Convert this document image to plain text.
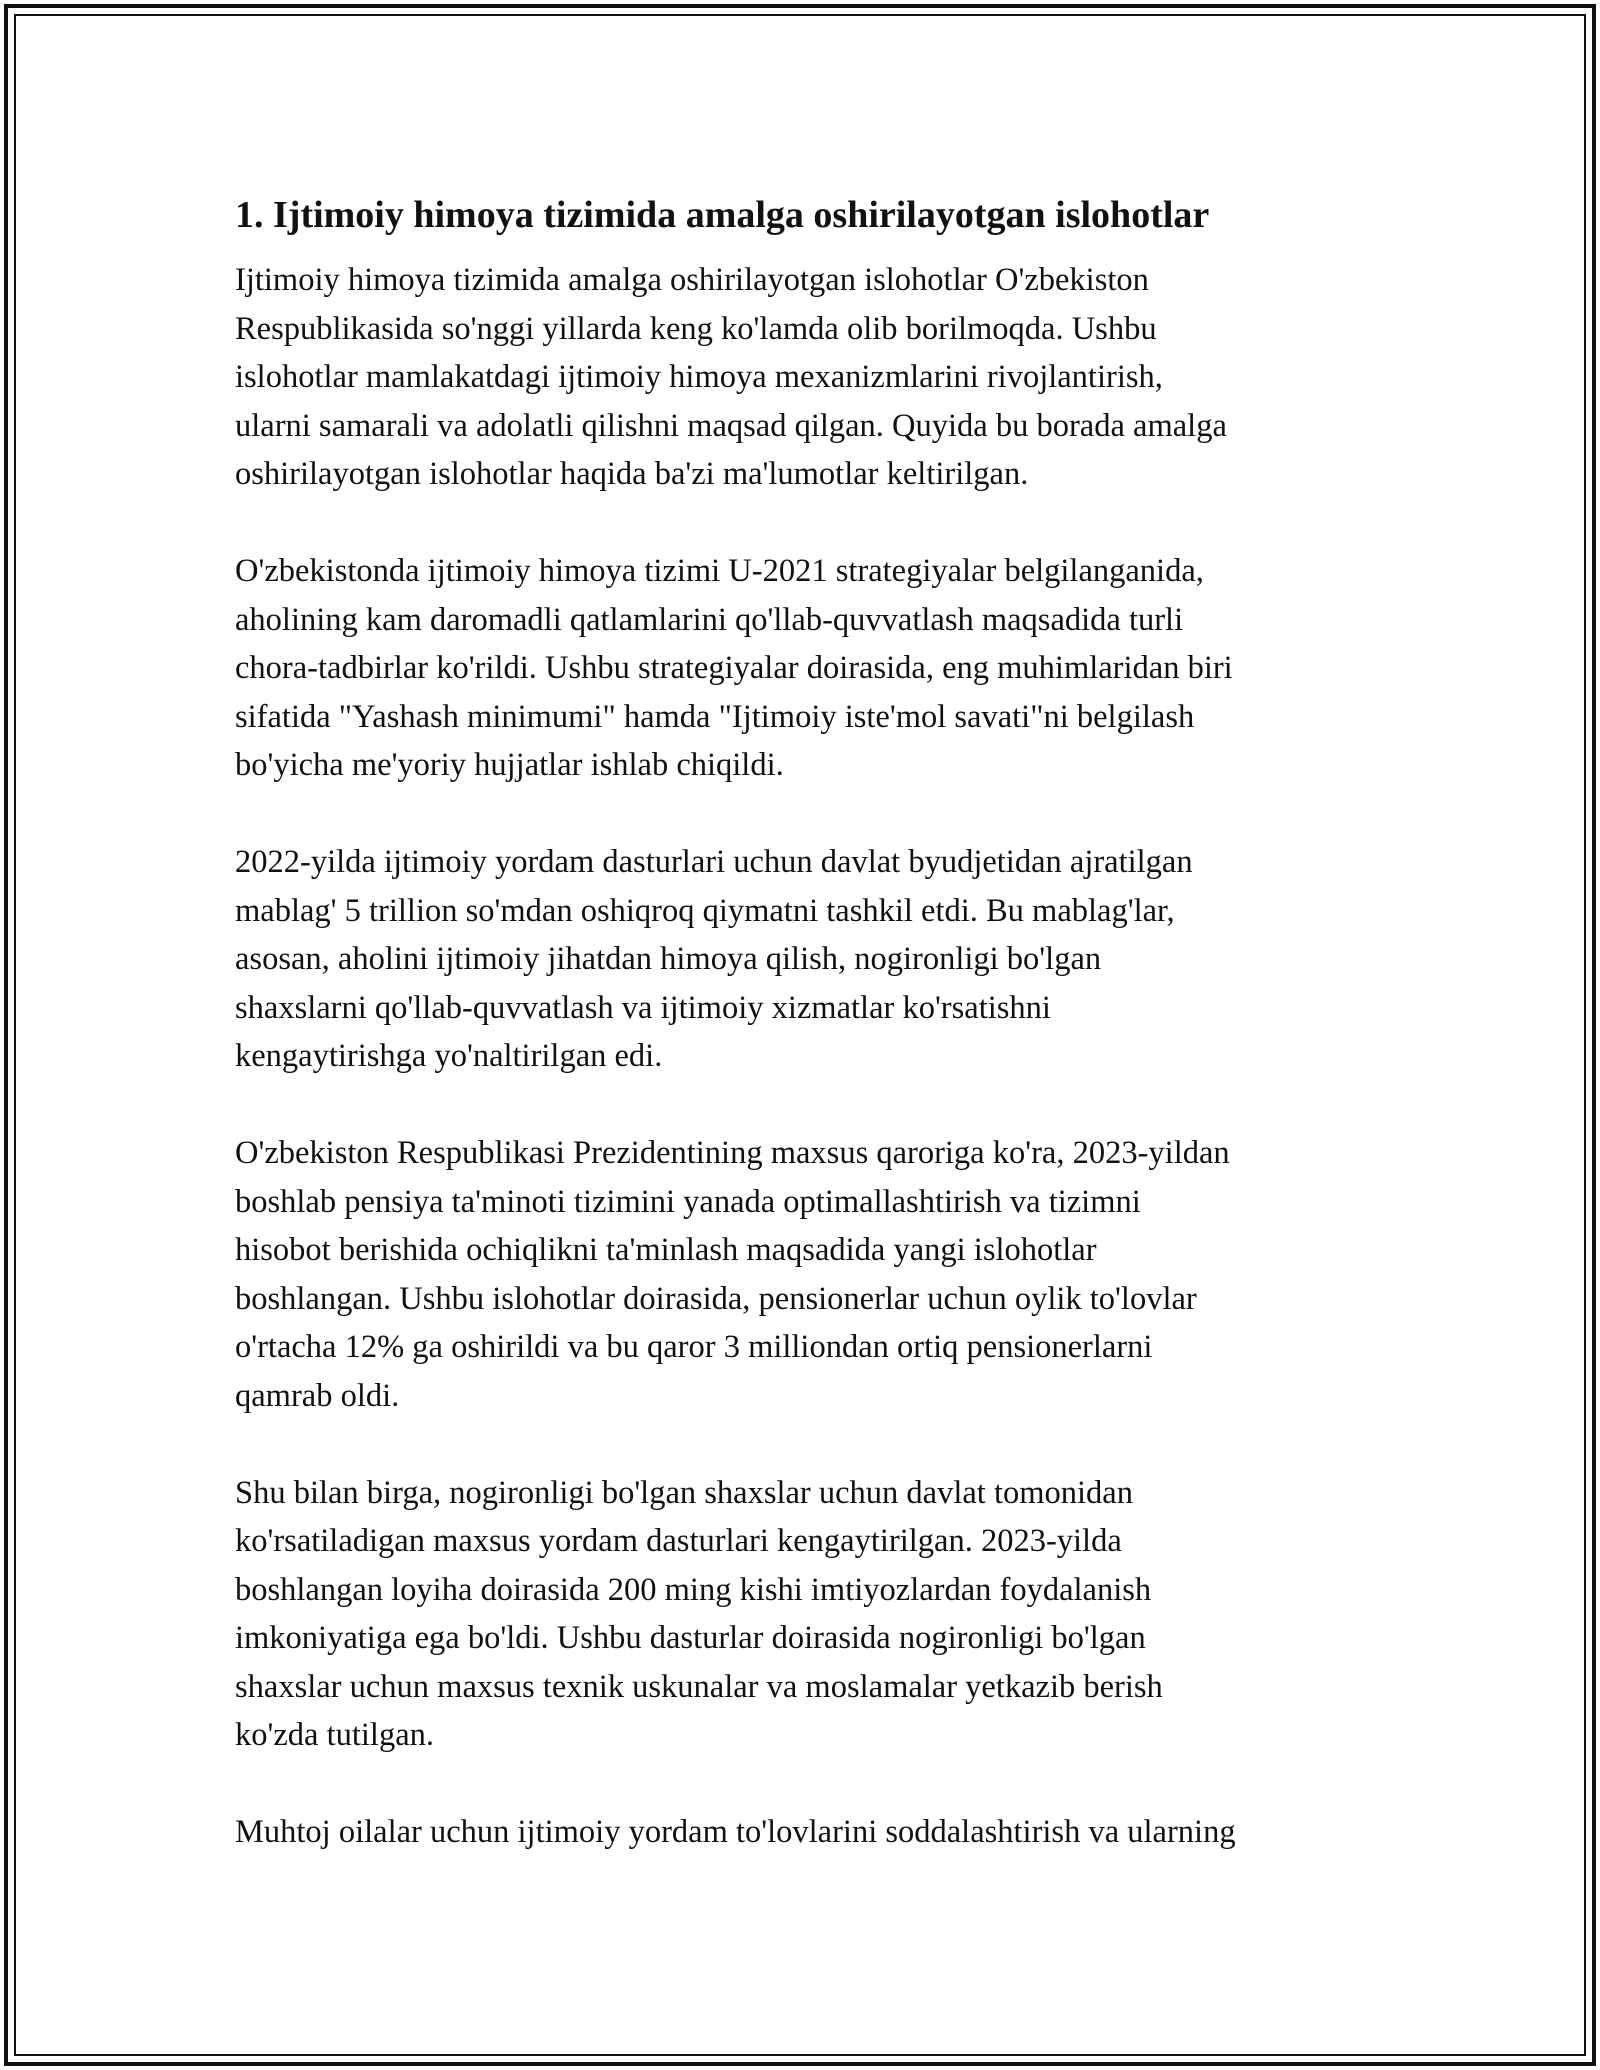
1. Ijtimoiy himoya tizimida amalga oshirilayotgan islohotlar

Ijtimoiy himoya tizimida amalga oshirilayotgan islohotlar O'zbekiston
Respublikasida so'nggi yillarda keng ko'lamda olib borilmoqda. Ushbu
islohotlar mamlakatdagi ijtimoiy himoya mexanizmlarini rivojlantirish,
ularni samarali va adolatli qilishni maqsad qilgan. Quyida bu borada amalga
oshirilayotgan islohotlar haqida ba'zi ma'lumotlar keltirilgan.

O'zbekistonda ijtimoiy himoya tizimi U-2021 strategiyalar belgilanganida,
aholining kam daromadli qatlamlarini qo'llab-quvvatlash maqsadida turli
chora-tadbirlar ko'rildi. Ushbu strategiyalar doirasida, eng muhimlaridan biri
sifatida "Yashash minimumi" hamda "Ijtimoiy iste'mol savati"ni belgilash
bo'yicha me'yoriy hujjatlar ishlab chiqildi.

2022-yilda ijtimoiy yordam dasturlari uchun davlat byudjetidan ajratilgan
mablag' 5 trillion so'mdan oshiqroq qiymatni tashkil etdi. Bu mablag'lar,
asosan, aholini ijtimoiy jihatdan himoya qilish, nogironligi bo'lgan
shaxslarni qo'llab-quvvatlash va ijtimoiy xizmatlar ko'rsatishni
kengaytirishga yo'naltirilgan edi.

O'zbekiston Respublikasi Prezidentining maxsus qaroriga ko'ra, 2023-yildan
boshlab pensiya ta'minoti tizimini yanada optimallashtirish va tizimni
hisobot berishida ochiqlikni ta'minlash maqsadida yangi islohotlar
boshlangan. Ushbu islohotlar doirasida, pensionerlar uchun oylik to'lovlar
o'rtacha 12% ga oshirildi va bu qaror 3 milliondan ortiq pensionerlarni
qamrab oldi.

Shu bilan birga, nogironligi bo'lgan shaxslar uchun davlat tomonidan
ko'rsatiladigan maxsus yordam dasturlari kengaytirilgan. 2023-yilda
boshlangan loyiha doirasida 200 ming kishi imtiyozlardan foydalanish
imkoniyatiga ega bo'ldi. Ushbu dasturlar doirasida nogironligi bo'lgan
shaxslar uchun maxsus texnik uskunalar va moslamalar yetkazib berish
ko'zda tutilgan.

Muhtoj oilalar uchun ijtimoiy yordam to'lovlarini soddalashtirish va ularning
